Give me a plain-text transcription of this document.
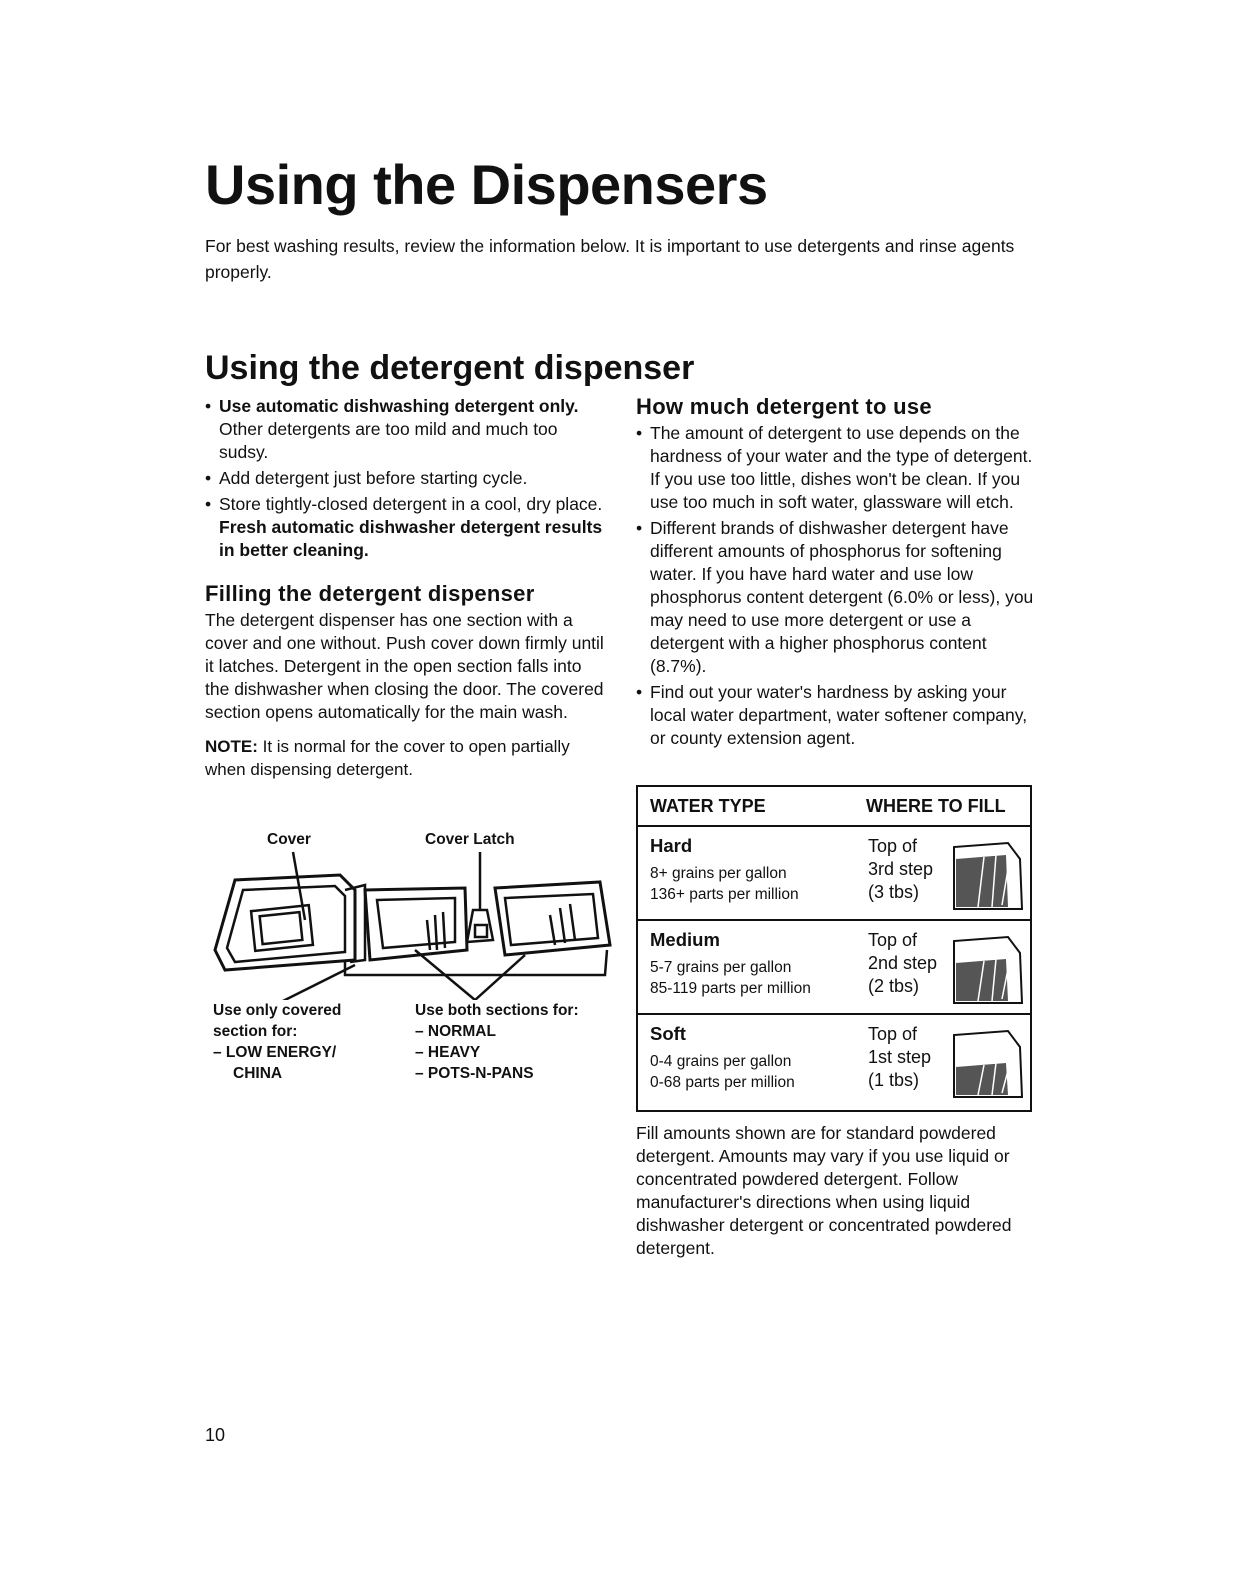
Using the Dispensers
For best washing results, review the information below. It is important to use detergents and rinse agents properly.
Using the detergent dispenser
• Use automatic dishwashing detergent only. Other detergents are too mild and much too sudsy.
• Add detergent just before starting cycle.
• Store tightly-closed detergent in a cool, dry place. Fresh automatic dishwasher detergent results in better cleaning.
Filling the detergent dispenser

The detergent dispenser has one section with a cover and one without. Push cover down firmly until it latches. Detergent in the open section falls into the dishwasher when closing the door. The covered section opens automatically for the main wash.

NOTE: It is normal for the cover to open partially when dispensing detergent.

Cover	Cover Latch
Use only covered section for:
– LOW ENERGY/
CHINA
Use both sections for:
– NORMAL
– HEAVY
– POTS-N-PANS
How much detergent to use
• The amount of detergent to use depends on the hardness of your water and the type of detergent. If you use too little, dishes won't be clean. If you use too much in soft water, glassware will etch.
• Different brands of dishwasher detergent have different amounts of phosphorus for softening water. If you have hard water and use low phosphorus content detergent (6.0% or less), you may need to use more detergent or use a detergent with a higher phosphorus content (8.7%).
• Find out your water's hardness by asking your local water department, water softener company, or county extension agent.
WATER TYPE	WHERE TO FILL
Hard
8+ grains per gallon
136+ parts per million
Top of
3rd step
(3 tbs)
Medium
5-7 grains per gallon
85-119 parts per million
Top of
2nd step
(2 tbs)
Soft
0-4 grains per gallon
0-68 parts per million
Top of
1st step
(1 tbs)
Fill amounts shown are for standard powdered detergent. Amounts may vary if you use liquid or concentrated powdered detergent. Follow manufacturer's directions when using liquid dishwasher detergent or concentrated powdered detergent.
10
